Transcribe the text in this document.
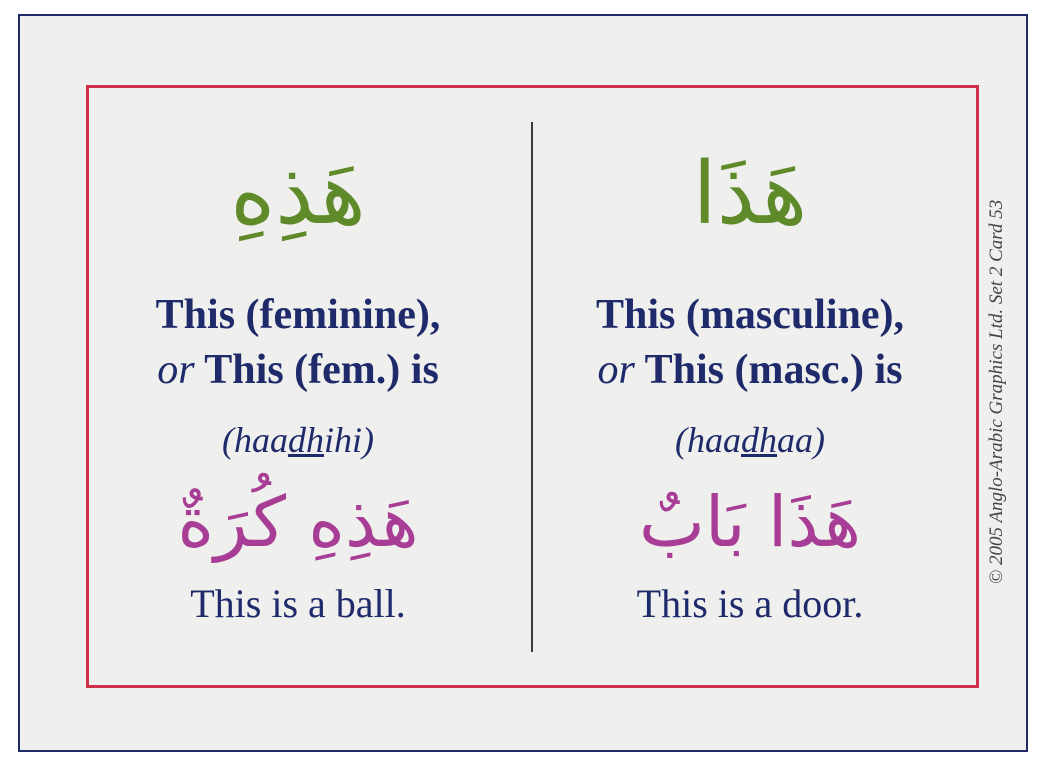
هَذِهِ
This (feminine),
or This (fem.) is
(haadhihi)
هَذِهِ كُرَةٌ
This is a ball.
هَذَا
This (masculine),
or This (masc.) is
(haadhaa)
هَذَا بَابٌ
This is a door.
© 2005 Anglo-Arabic Graphics Ltd. Set 2 Card 53
